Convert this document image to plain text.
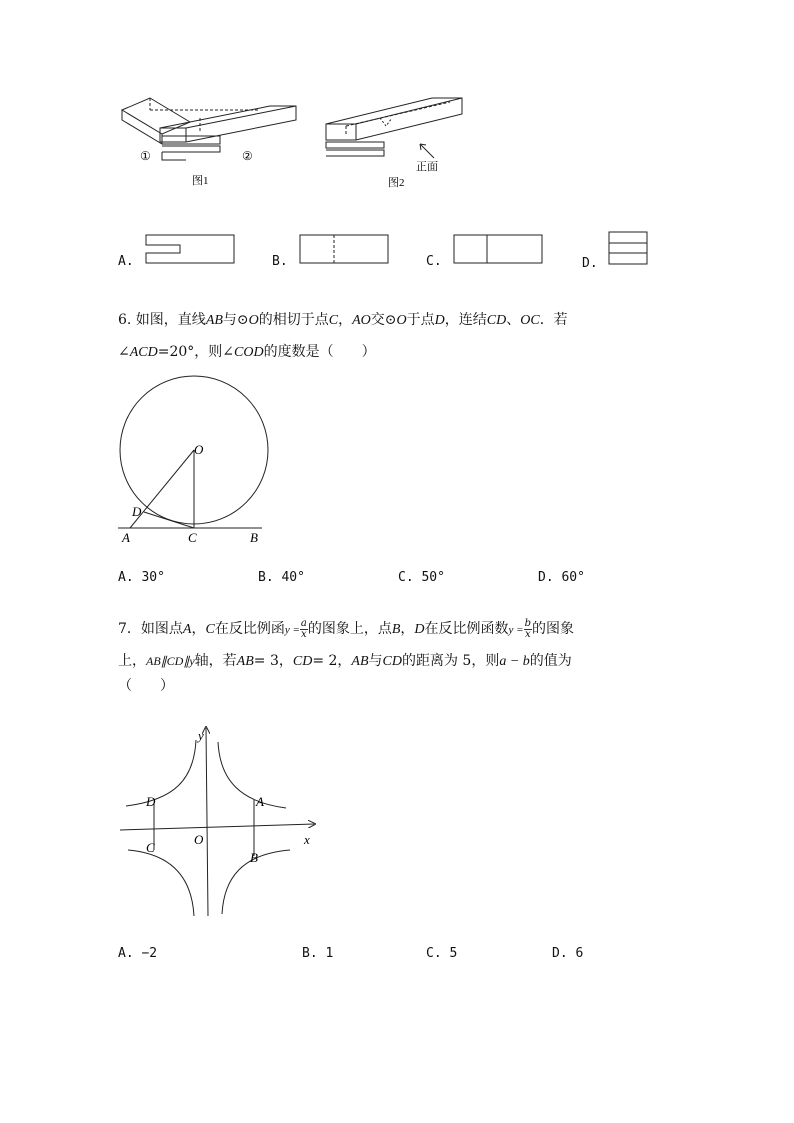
①	②
图1
正面
图2
A.	B.	C.	D.
6. 如图，直线AB与⊙O的相切于点C，AO交⊙O于点D，连结CD、OC．若
∠ACD=20°，则∠COD的度数是（　　）
O
D
A	C	B
A. 30°	B. 40°	C. 50°	D. 60°
7．如图点A，C在反比例函$y = \frac{a}{x}$ 的图象上，点B，D在反比例函数$y = \frac{b}{x}$ 的图象
上，AB∥CD∥y轴，若AB= 3，CD= 2，AB与CD的距离为 5，则a − b的值为
（　　）
y
x
O
D	A
C
B
A. −2	B. 1	C. 5	D. 6
